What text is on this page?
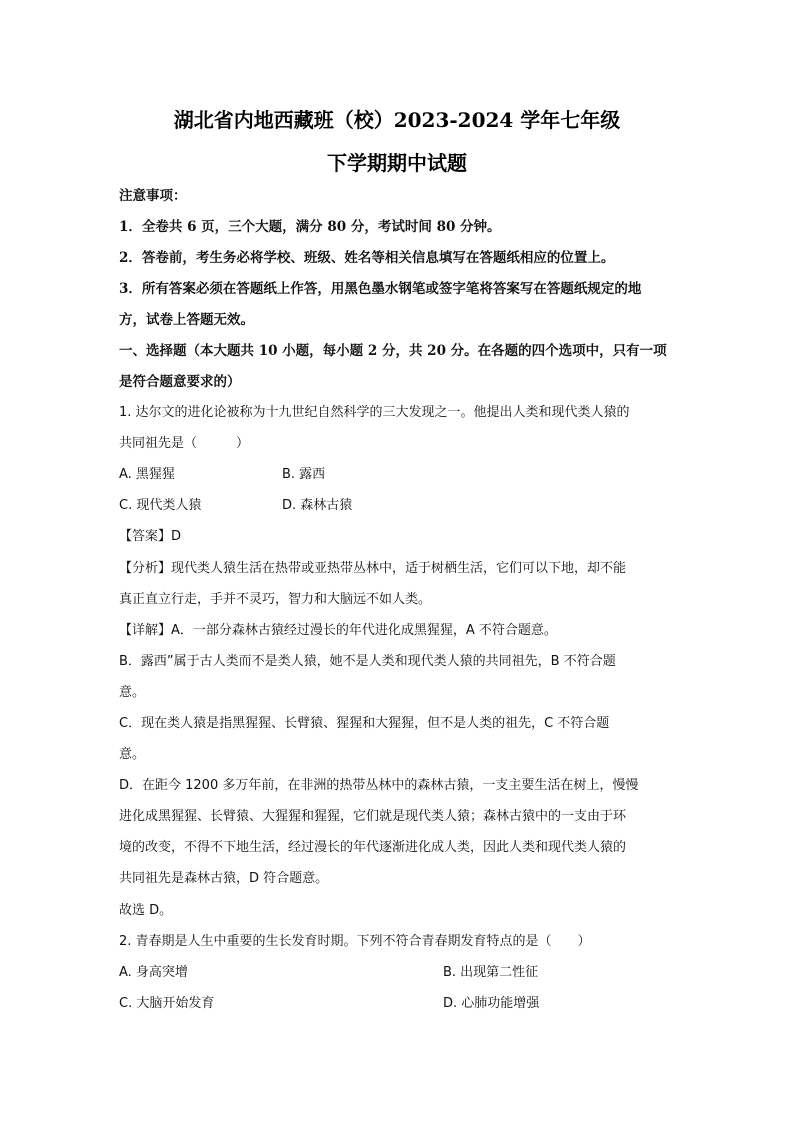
湖北省内地西藏班（校）2023-2024 学年七年级
下学期期中试题
注意事项：
1．全卷共 6 页，三个大题，满分 80 分，考试时间 80 分钟。
2．答卷前，考生务必将学校、班级、姓名等相关信息填写在答题纸相应的位置上。
3．所有答案必须在答题纸上作答，用黑色墨水钢笔或签字笔将答案写在答题纸规定的地
方，试卷上答题无效。
一、选择题（本大题共 10 小题，每小题 2 分，共 20 分。在各题的四个选项中，只有一项
是符合题意要求的）
1. 达尔文的进化论被称为十九世纪自然科学的三大发现之一。他提出人类和现代类人猿的
共同祖先是（　　　）
A. 黑猩猩	B. 露西
C. 现代类人猿	D. 森林古猿
【答案】D
【分析】现代类人猿生活在热带或亚热带丛林中，适于树栖生活，它们可以下地，却不能
真正直立行走，手并不灵巧，智力和大脑远不如人类。
【详解】A．一部分森林古猿经过漫长的年代进化成黑猩猩，A 不符合题意。
B．露西”属于古人类而不是类人猿，她不是人类和现代类人猿的共同祖先，B 不符合题
意。
C．现在类人猿是指黑猩猩、长臂猿、猩猩和大猩猩，但不是人类的祖先，C 不符合题
意。
D．在距今 1200 多万年前，在非洲的热带丛林中的森林古猿，一支主要生活在树上，慢慢
进化成黑猩猩、长臂猿、大猩猩和猩猩，它们就是现代类人猿；森林古猿中的一支由于环
境的改变，不得不下地生活，经过漫长的年代逐渐进化成人类，因此人类和现代类人猿的
共同祖先是森林古猿，D 符合题意。
故选 D。
2. 青春期是人生中重要的生长发育时期。下列不符合青春期发育特点的是（　　）
A. 身高突增	B. 出现第二性征
C. 大脑开始发育	D. 心肺功能增强
